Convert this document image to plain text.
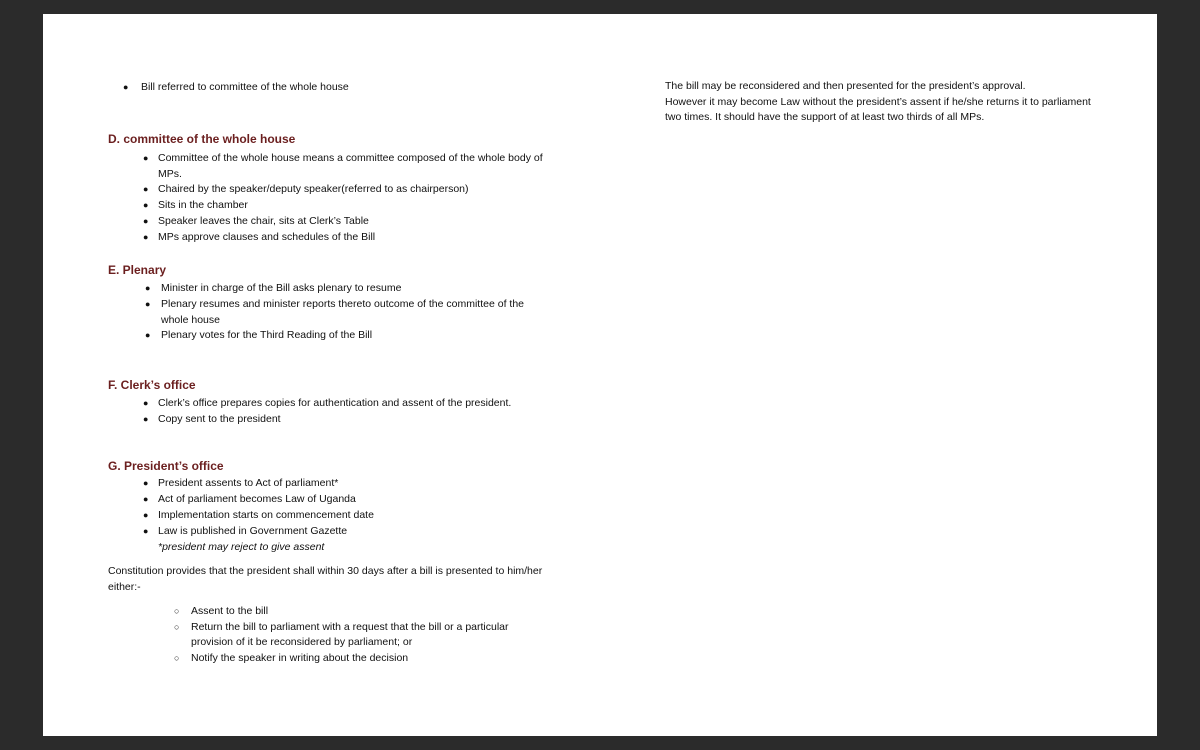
● Bill referred to committee of the whole house
D. committee of the whole house
● Committee of the whole house means a committee composed of the whole body of
MPs.
● Chaired by the speaker/deputy speaker(referred to as chairperson)
● Sits in the chamber
● Speaker leaves the chair, sits at Clerk’s Table
● MPs approve clauses and schedules of the Bill
E. Plenary
● Minister in charge of the Bill asks plenary to resume
● Plenary resumes and minister reports thereto outcome of the committee of the
whole house
● Plenary votes for the Third Reading of the Bill
F. Clerk’s office
● Clerk’s office prepares copies for authentication and assent of the president.
● Copy sent to the president
G. President’s office
● President assents to Act of parliament*
● Act of parliament becomes Law of Uganda
● Implementation starts on commencement date
● Law is published in Government Gazette
*president may reject to give assent
Constitution provides that the president shall within 30 days after a bill is presented to him/her
either:-
○ Assent to the bill
○ Return the bill to parliament with a request that the bill or a particular
provision of it be reconsidered by parliament; or
○ Notify the speaker in writing about the decision
The bill may be reconsidered and then presented for the president’s approval.
However it may become Law without the president’s assent if he/she returns it to parliament
two times. It should have the support of at least two thirds of all MPs.
